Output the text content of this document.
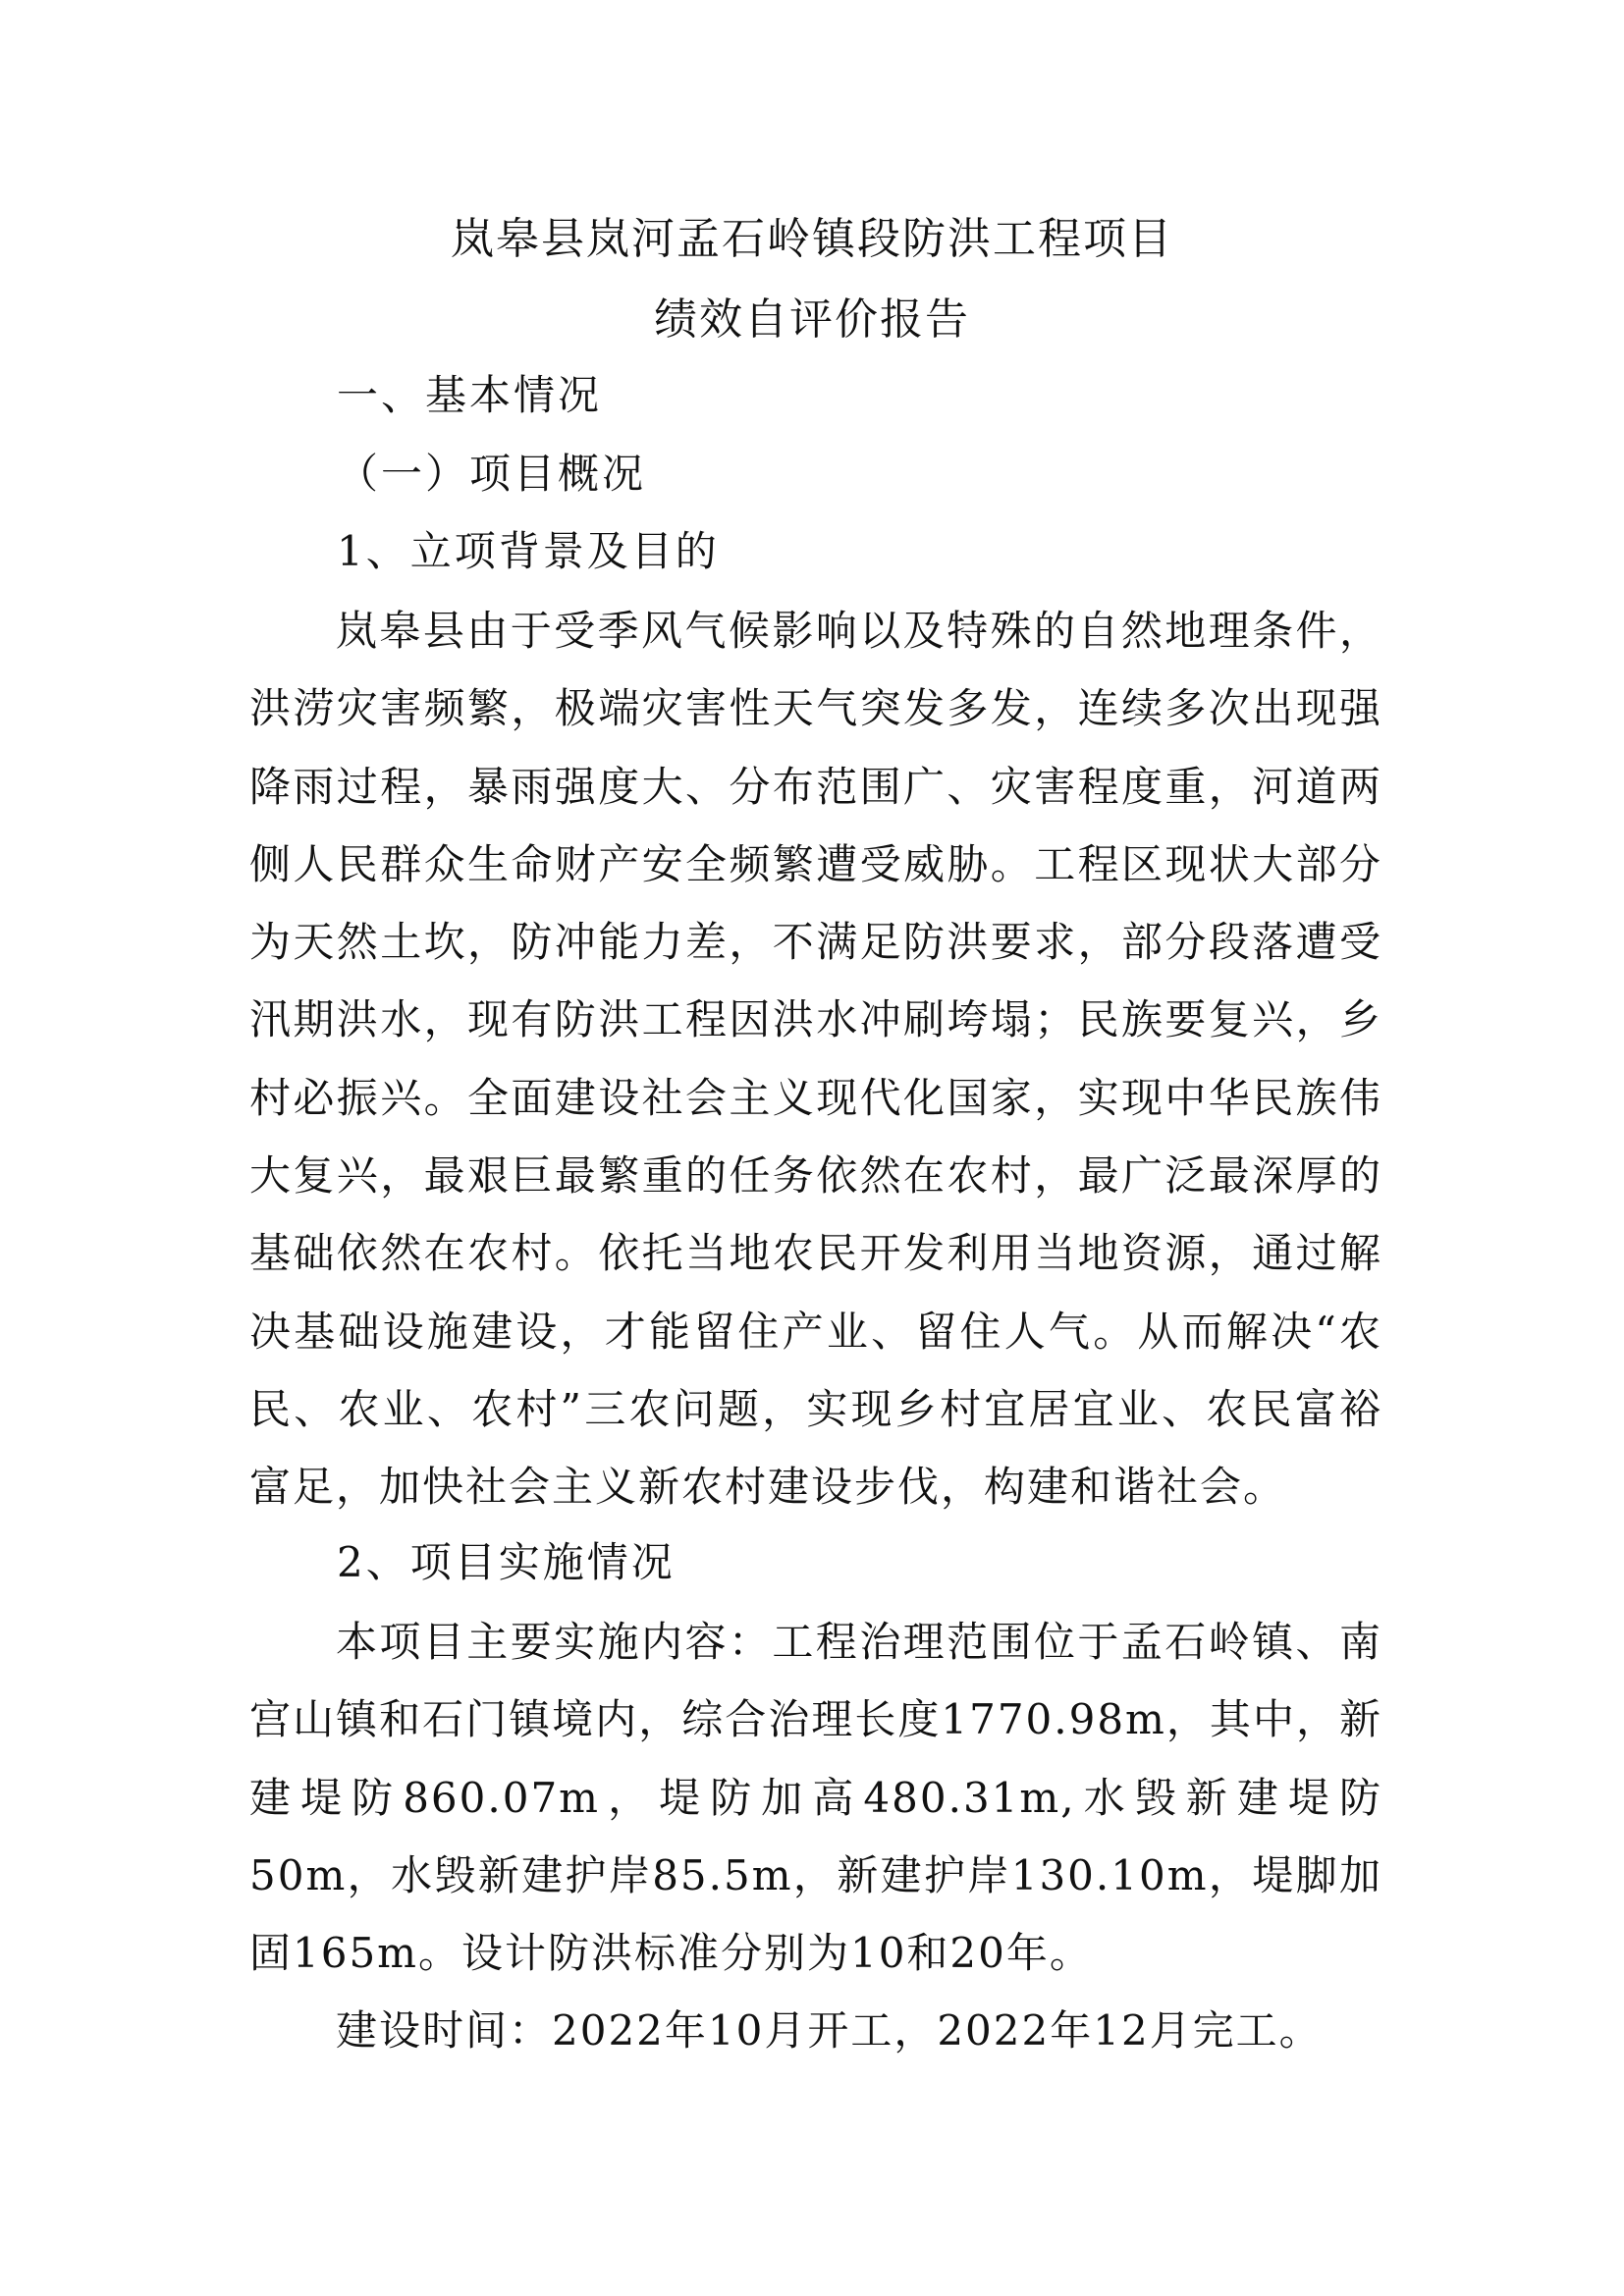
岚皋县岚河孟石岭镇段防洪工程项目
绩效自评价报告
一、基本情况
（一）项目概况
1、立项背景及目的

岚皋县由于受季风气候影响以及特殊的自然地理条件，洪涝灾害频繁，极端灾害性天气突发多发，连续多次出现强降雨过程，暴雨强度大、分布范围广、灾害程度重，河道两侧人民群众生命财产安全频繁遭受威胁。工程区现状大部分为天然土坎，防冲能力差，不满足防洪要求，部分段落遭受汛期洪水，现有防洪工程因洪水冲刷垮塌；民族要复兴，乡村必振兴。全面建设社会主义现代化国家，实现中华民族伟大复兴，最艰巨最繁重的任务依然在农村，最广泛最深厚的基础依然在农村。依托当地农民开发利用当地资源，通过解决基础设施建设，才能留住产业、留住人气。从而解决“农民、农业、农村”三农问题，实现乡村宜居宜业、农民富裕富足，加快社会主义新农村建设步伐，构建和谐社会。

2、项目实施情况

本项目主要实施内容：工程治理范围位于孟石岭镇、南宫山镇和石门镇境内，综合治理长度1770.98m，其中，新建堤防860.07m，堤防加高480.31m,水毁新建堤防50m，水毁新建护岸85.5m，新建护岸130.10m，堤脚加固165m。设计防洪标准分别为10和20年。

建设时间：2022年10月开工，2022年12月完工。
